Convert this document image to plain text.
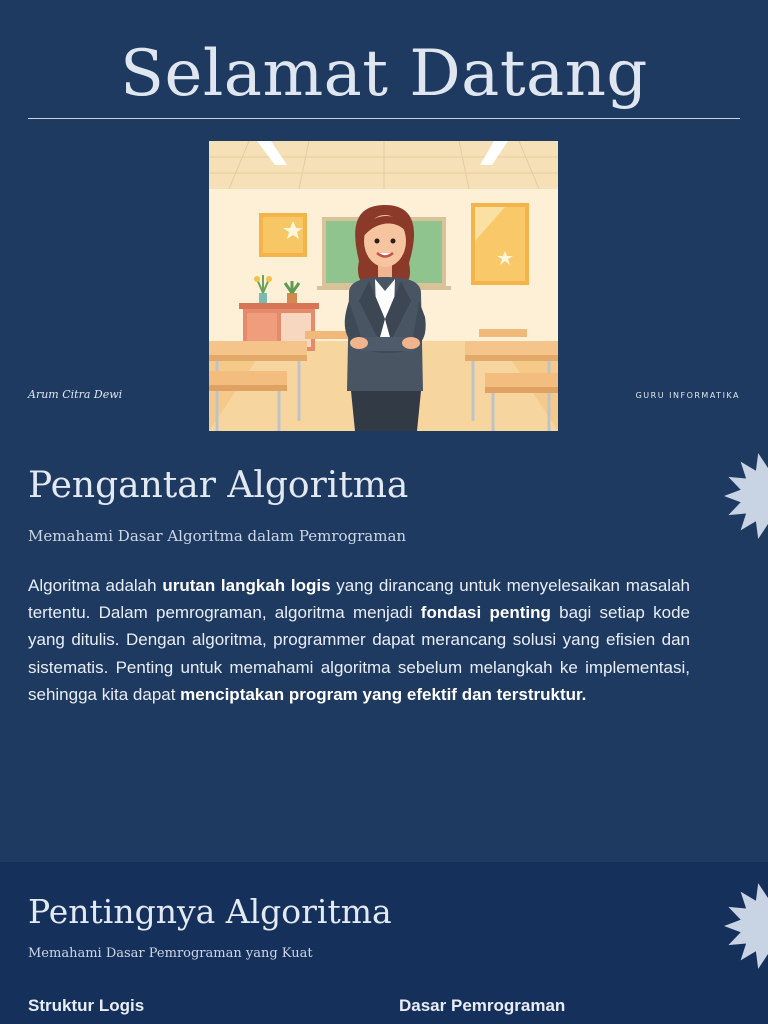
Selamat Datang
Arum Citra Dewi	GURU INFORMATIKA
Pengantar Algoritma

Memahami Dasar Algoritma dalam Pemrograman

Algoritma adalah urutan langkah logis yang dirancang untuk menyelesaikan masalah tertentu. Dalam pemrograman, algoritma menjadi fondasi penting bagi setiap kode yang ditulis. Dengan algoritma, programmer dapat merancang solusi yang efisien dan sistematis. Penting untuk memahami algoritma sebelum melangkah ke implementasi, sehingga kita dapat menciptakan program yang efektif dan terstruktur.

Pentingnya Algoritma

Memahami Dasar Pemrograman yang Kuat

Struktur Logis	Dasar Pemrograman
